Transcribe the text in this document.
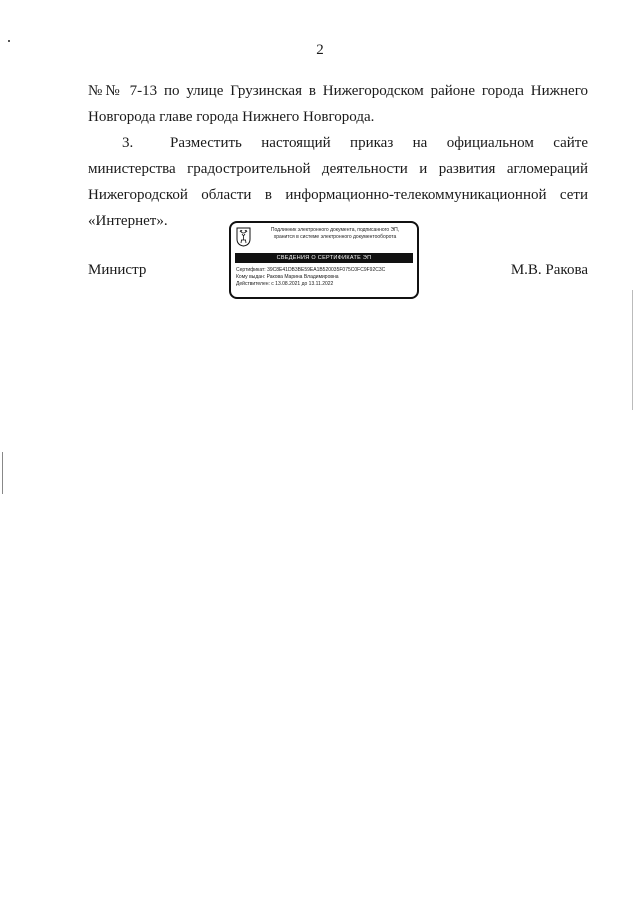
2

№№ 7-13 по улице Грузинская в Нижегородском районе города Нижнего Новгорода главе города Нижнего Новгорода.

3. Разместить настоящий приказ на официальном сайте министерства градостроительной деятельности и развития агломераций Нижегородской области в информационно-телекоммуникационной сети «Интернет».

Министр	М.В. Ракова
Подлинник электронного документа, подписанного ЭП,
хранится в системе электронного документооборота
СВЕДЕНИЯ О СЕРТИФИКАТЕ ЭП
Сертификат: 39C8E41DB3BE59EA1B520035F075C0FC9F92C3C
Кому выдан: Ракова Марина Владимировна
Действителен: с 13.08.2021 до 13.11.2022
